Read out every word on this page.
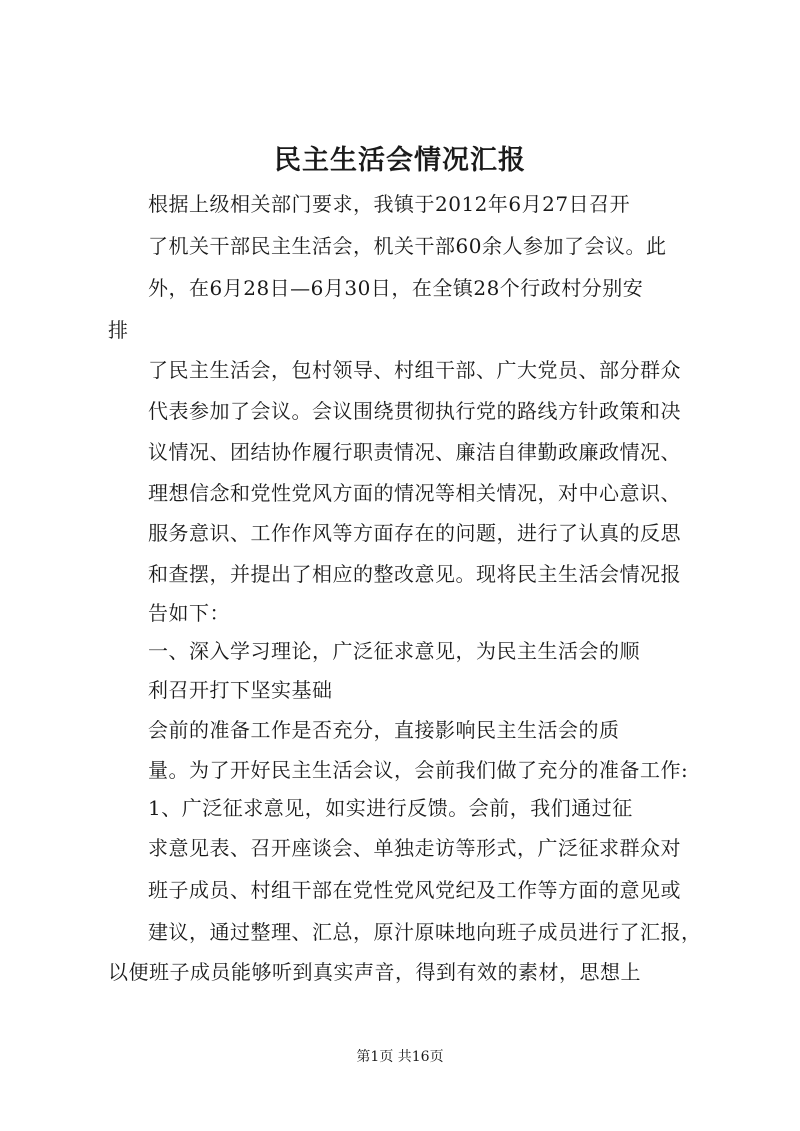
民主生活会情况汇报
根据上级相关部门要求，我镇于2012年6月27日召开
了机关干部民主生活会，机关干部60余人参加了会议。此
外，在6月28日—6月30日，在全镇28个行政村分别安
排
了民主生活会，包村领导、村组干部、广大党员、部分群众
代表参加了会议。会议围绕贯彻执行党的路线方针政策和决
议情况、团结协作履行职责情况、廉洁自律勤政廉政情况、
理想信念和党性党风方面的情况等相关情况，对中心意识、
服务意识、工作作风等方面存在的问题，进行了认真的反思
和查摆，并提出了相应的整改意见。现将民主生活会情况报
告如下：
一、深入学习理论，广泛征求意见，为民主生活会的顺
利召开打下坚实基础
会前的准备工作是否充分，直接影响民主生活会的质
量。为了开好民主生活会议，会前我们做了充分的准备工作:
1、广泛征求意见，如实进行反馈。会前，我们通过征
求意见表、召开座谈会、单独走访等形式，广泛征求群众对
班子成员、村组干部在党性党风党纪及工作等方面的意见或
建议，通过整理、汇总，原汁原味地向班子成员进行了汇报，
以便班子成员能够听到真实声音，得到有效的素材，思想上
第1页 共16页
